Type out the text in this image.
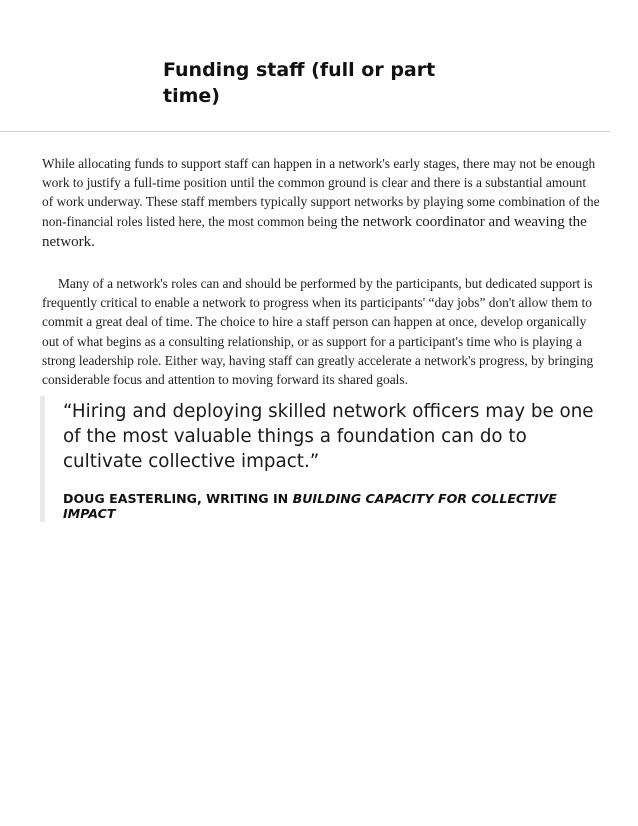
Funding staff (full or part time)

While allocating funds to support staff can happen in a network's early stages, there may not be enough work to justify a full-time position until the common ground is clear and there is a substantial amount of work underway. These staff members typically support networks by playing some combination of the non-financial roles listed here, the most common being the network coordinator and weaving the network.

Many of a network's roles can and should be performed by the participants, but dedicated support is frequently critical to enable a network to progress when its participants' “day jobs” don't allow them to commit a great deal of time. The choice to hire a staff person can happen at once, develop organically out of what begins as a consulting relationship, or as support for a participant's time who is playing a strong leadership role. Either way, having staff can greatly accelerate a network's progress, by bringing considerable focus and attention to moving forward its shared goals.

“Hiring and deploying skilled network officers may be one of the most valuable things a foundation can do to cultivate collective impact.”
DOUG EASTERLING, WRITING IN BUILDING CAPACITY FOR COLLECTIVE IMPACT
